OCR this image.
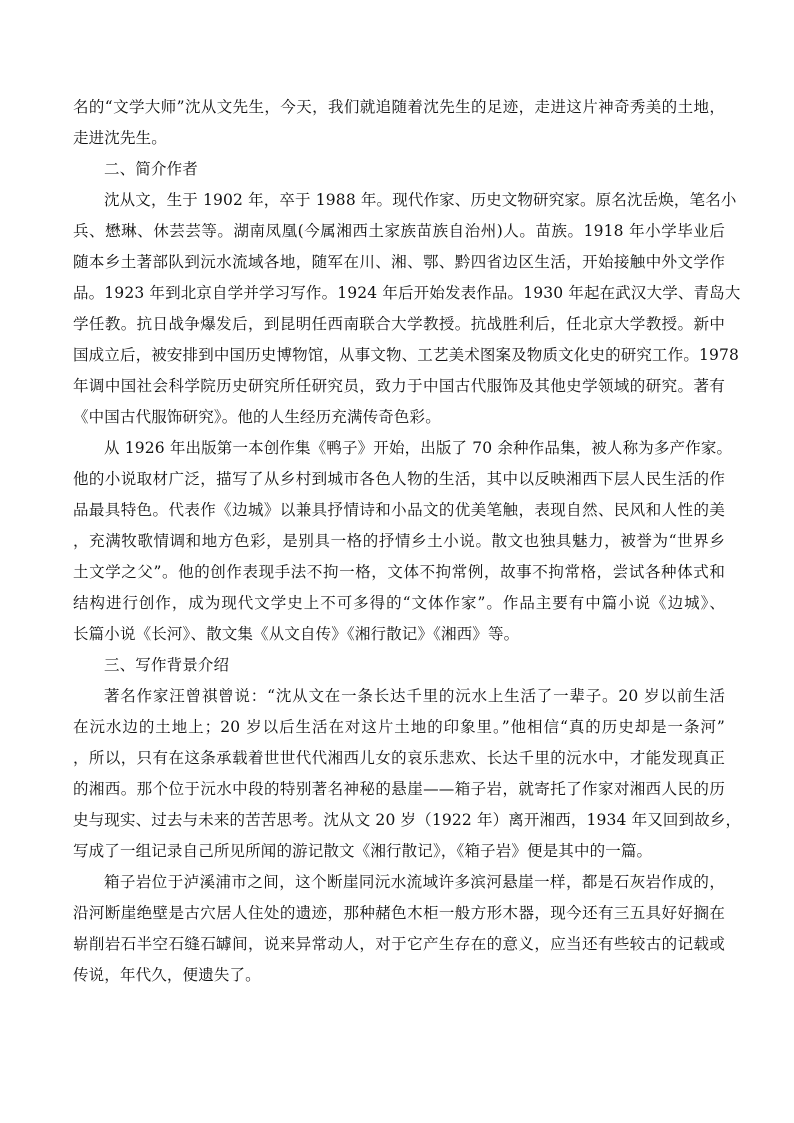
名的“文学大师”沈从文先生，今天，我们就追随着沈先生的足迹，走进这片神奇秀美的土地，
走进沈先生。
二、简介作者
沈从文，生于 1902 年，卒于 1988 年。现代作家、历史文物研究家。原名沈岳焕，笔名小
兵、懋琳、休芸芸等。湖南凤凰(今属湘西土家族苗族自治州)人。苗族。1918 年小学毕业后
随本乡土著部队到沅水流域各地，随军在川、湘、鄂、黔四省边区生活，开始接触中外文学作
品。1923 年到北京自学并学习写作。1924 年后开始发表作品。1930 年起在武汉大学、青岛大
学任教。抗日战争爆发后，到昆明任西南联合大学教授。抗战胜利后，任北京大学教授。新中
国成立后，被安排到中国历史博物馆，从事文物、工艺美术图案及物质文化史的研究工作。1978
年调中国社会科学院历史研究所任研究员，致力于中国古代服饰及其他史学领域的研究。著有
《中国古代服饰研究》。他的人生经历充满传奇色彩。
从 1926 年出版第一本创作集《鸭子》开始，出版了 70 余种作品集，被人称为多产作家。
他的小说取材广泛，描写了从乡村到城市各色人物的生活，其中以反映湘西下层人民生活的作
品最具特色。代表作《边城》以兼具抒情诗和小品文的优美笔触，表现自然、民风和人性的美
，充满牧歌情调和地方色彩，是别具一格的抒情乡土小说。散文也独具魅力，被誉为“世界乡
土文学之父”。他的创作表现手法不拘一格，文体不拘常例，故事不拘常格，尝试各种体式和
结构进行创作，成为现代文学史上不可多得的“文体作家”。作品主要有中篇小说《边城》、
长篇小说《长河》、散文集《从文自传》《湘行散记》《湘西》等。
三、写作背景介绍
著名作家汪曾祺曾说：“沈从文在一条长达千里的沅水上生活了一辈子。20 岁以前生活
在沅水边的土地上；20 岁以后生活在对这片土地的印象里。”他相信“真的历史却是一条河”
，所以，只有在这条承载着世世代代湘西儿女的哀乐悲欢、长达千里的沅水中，才能发现真正
的湘西。那个位于沅水中段的特别著名神秘的悬崖——箱子岩，就寄托了作家对湘西人民的历
史与现实、过去与未来的苦苦思考。沈从文 20 岁（1922 年）离开湘西，1934 年又回到故乡，
写成了一组记录自己所见所闻的游记散文《湘行散记》，《箱子岩》便是其中的一篇。
箱子岩位于泸溪浦市之间，这个断崖同沅水流域许多滨河悬崖一样，都是石灰岩作成的，
沿河断崖绝壁是古穴居人住处的遗迹，那种赭色木柜一般方形木器，现今还有三五具好好搁在
崭削岩石半空石缝石罅间，说来异常动人，对于它产生存在的意义，应当还有些较古的记载或
传说，年代久，便遗失了。
